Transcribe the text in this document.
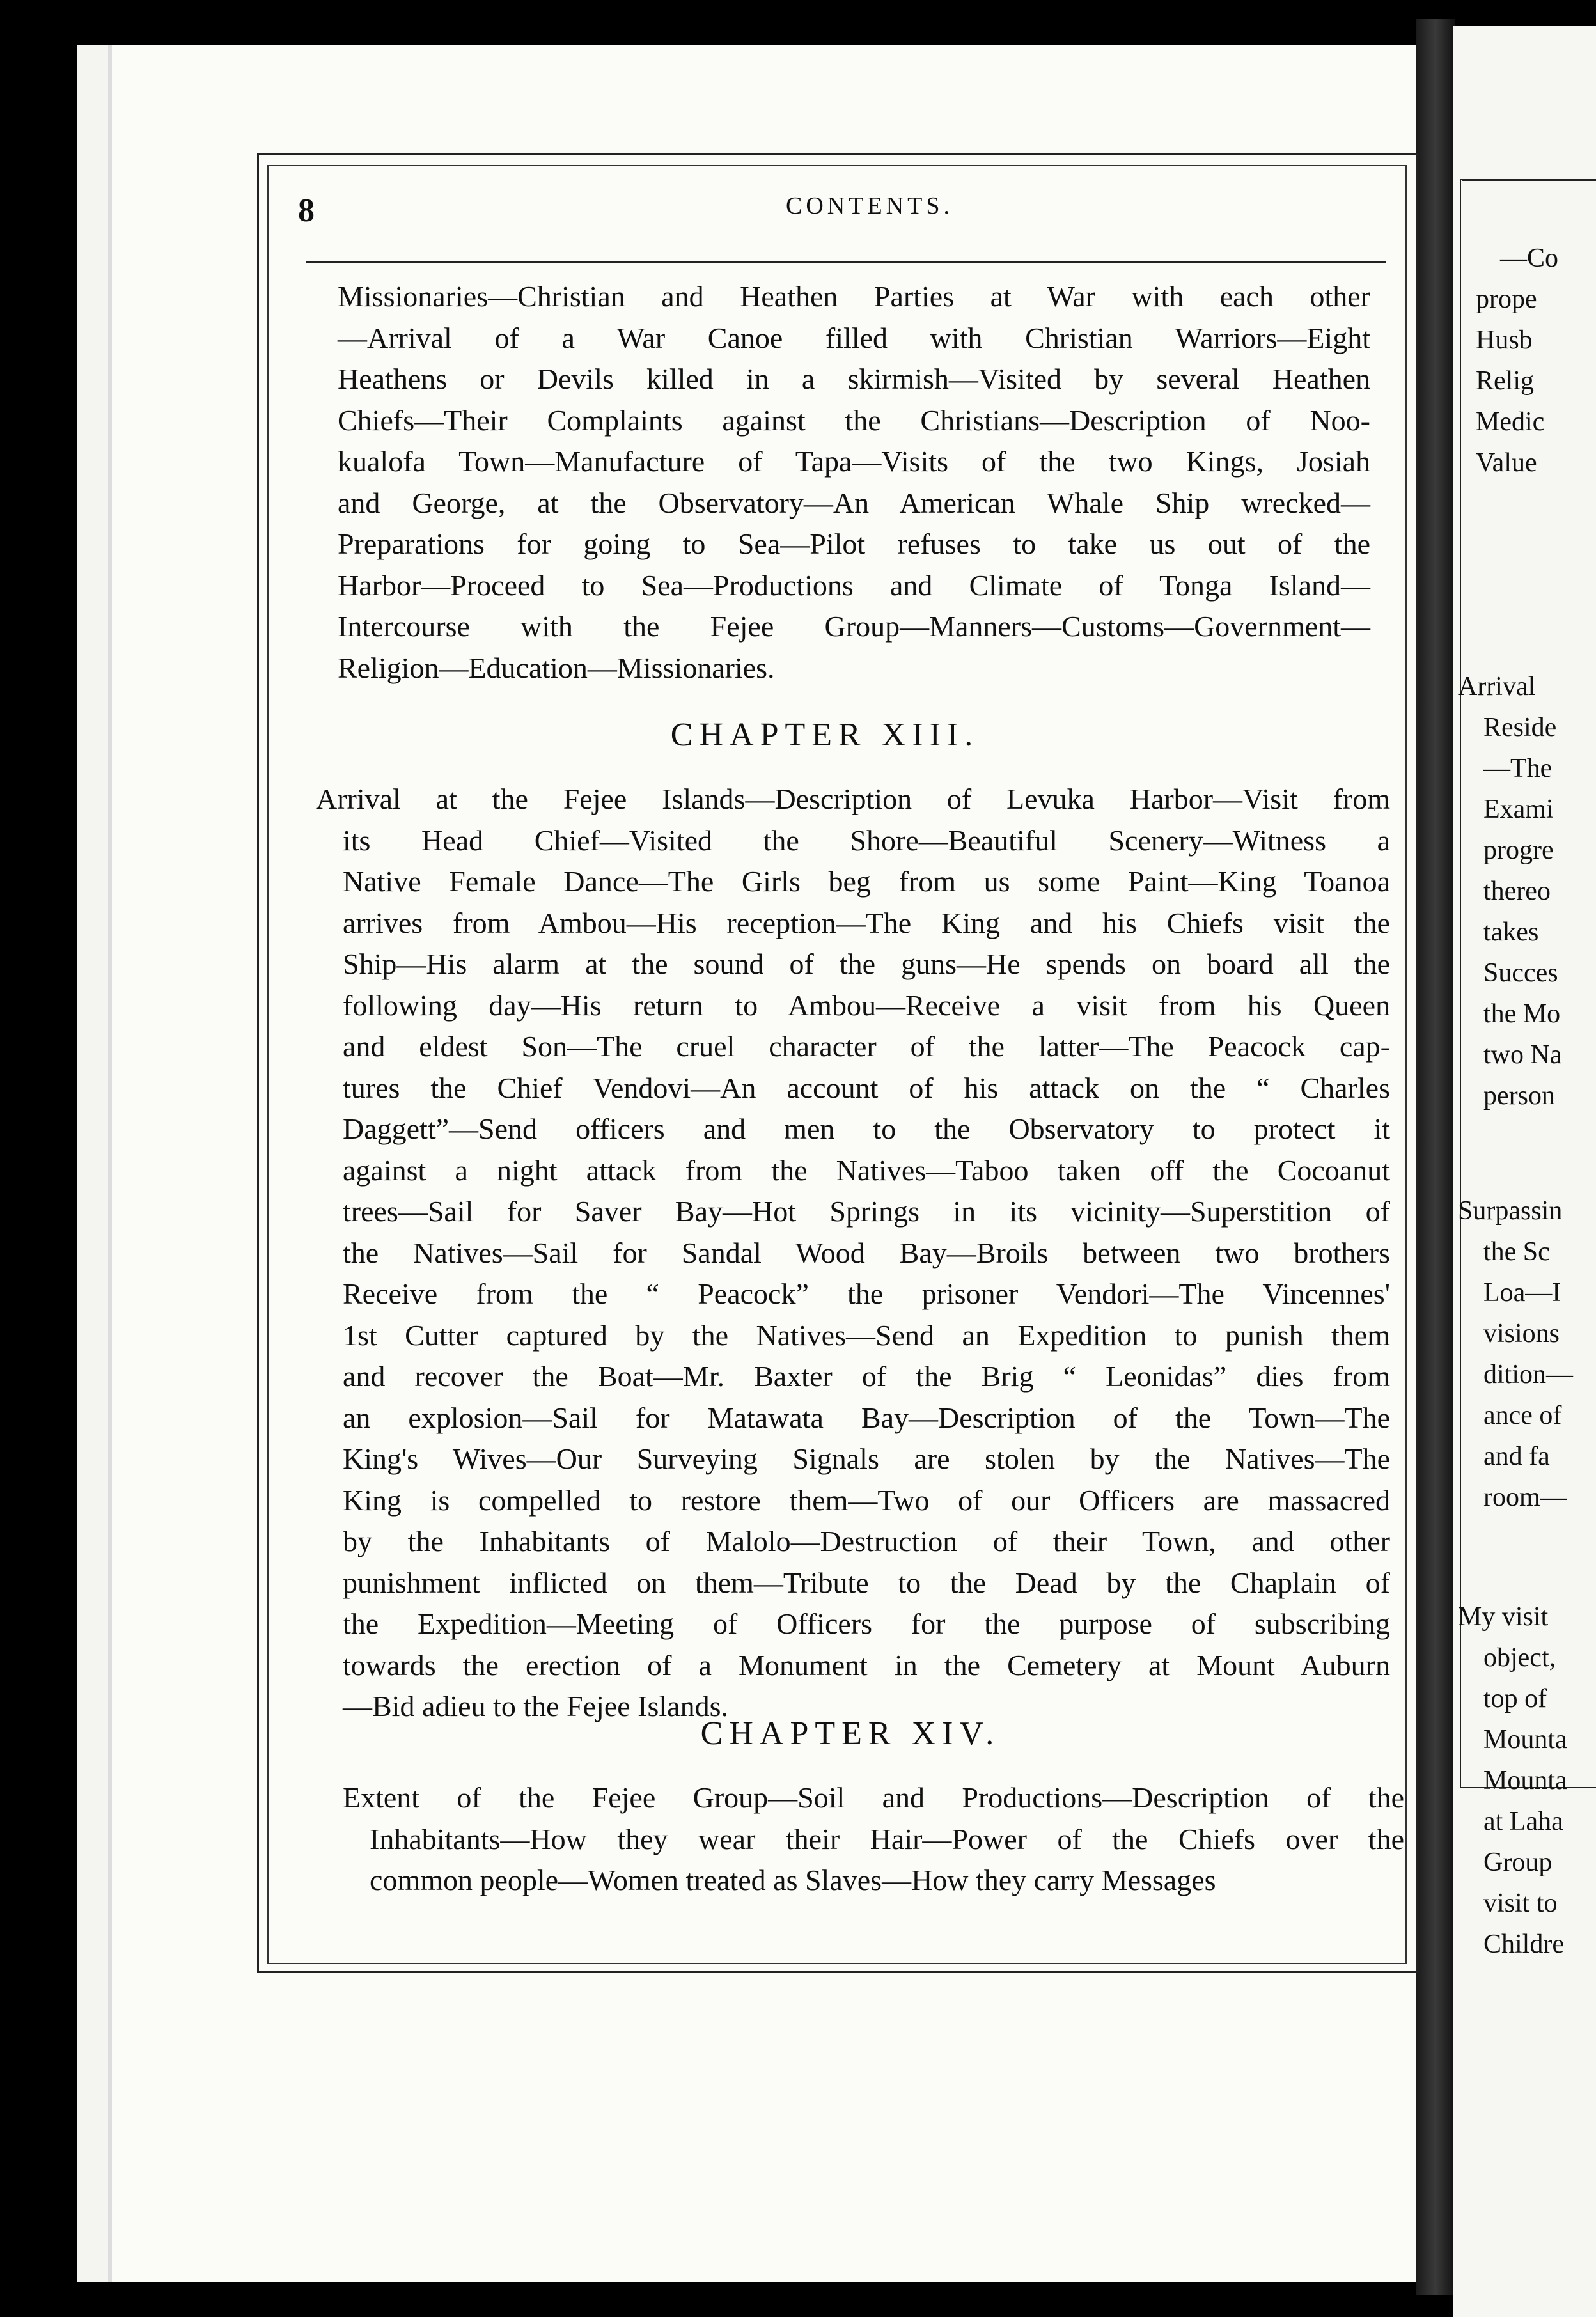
—Co
prope
Husb
Relig
Medic
Value
Arrival
Reside
—The
Exami
progre
thereo
takes
Succes
the Mo
two Na
person
Surpassin
the Sc
Loa—I
visions
dition—
ance of
and fa
room—
My visit
object,
top of
Mounta
Mounta
at Laha
Group
visit to
Childre
8	CONTENTS.
Missionaries—Christian and Heathen Parties at War with each other
—Arrival of a War Canoe filled with Christian Warriors—Eight
Heathens or Devils killed in a skirmish—Visited by several Heathen
Chiefs—Their Complaints against the Christians—Description of Noo-
kualofa Town—Manufacture of Tapa—Visits of the two Kings, Josiah
and George, at the Observatory—An American Whale Ship wrecked—
Preparations for going to Sea—Pilot refuses to take us out of the
Harbor—Proceed to Sea—Productions and Climate of Tonga Island—
Intercourse with the Fejee Group—Manners—Customs—Government—
Religion—Education—Missionaries.
CHAPTER XIII.
Arrival at the Fejee Islands—Description of Levuka Harbor—Visit from
its Head Chief—Visited the Shore—Beautiful Scenery—Witness a
Native Female Dance—The Girls beg from us some Paint—King Toanoa
arrives from Ambou—His reception—The King and his Chiefs visit the
Ship—His alarm at the sound of the guns—He spends on board all the
following day—His return to Ambou—Receive a visit from his Queen
and eldest Son—The cruel character of the latter—The Peacock cap-
tures the Chief Vendovi—An account of his attack on the “ Charles
Daggett”—Send officers and men to the Observatory to protect it
against a night attack from the Natives—Taboo taken off the Cocoanut
trees—Sail for Saver Bay—Hot Springs in its vicinity—Superstition of
the Natives—Sail for Sandal Wood Bay—Broils between two brothers
Receive from the “ Peacock” the prisoner Vendori—The Vincennes'
1st Cutter captured by the Natives—Send an Expedition to punish them
and recover the Boat—Mr. Baxter of the Brig “ Leonidas” dies from
an explosion—Sail for Matawata Bay—Description of the Town—The
King's Wives—Our Surveying Signals are stolen by the Natives—The
King is compelled to restore them—Two of our Officers are massacred
by the Inhabitants of Malolo—Destruction of their Town, and other
punishment inflicted on them—Tribute to the Dead by the Chaplain of
the Expedition—Meeting of Officers for the purpose of subscribing
towards the erection of a Monument in the Cemetery at Mount Auburn
—Bid adieu to the Fejee Islands.
CHAPTER XIV.
Extent of the Fejee Group—Soil and Productions—Description of the
Inhabitants—How they wear their Hair—Power of the Chiefs over the
common people—Women treated as Slaves—How they carry Messages
